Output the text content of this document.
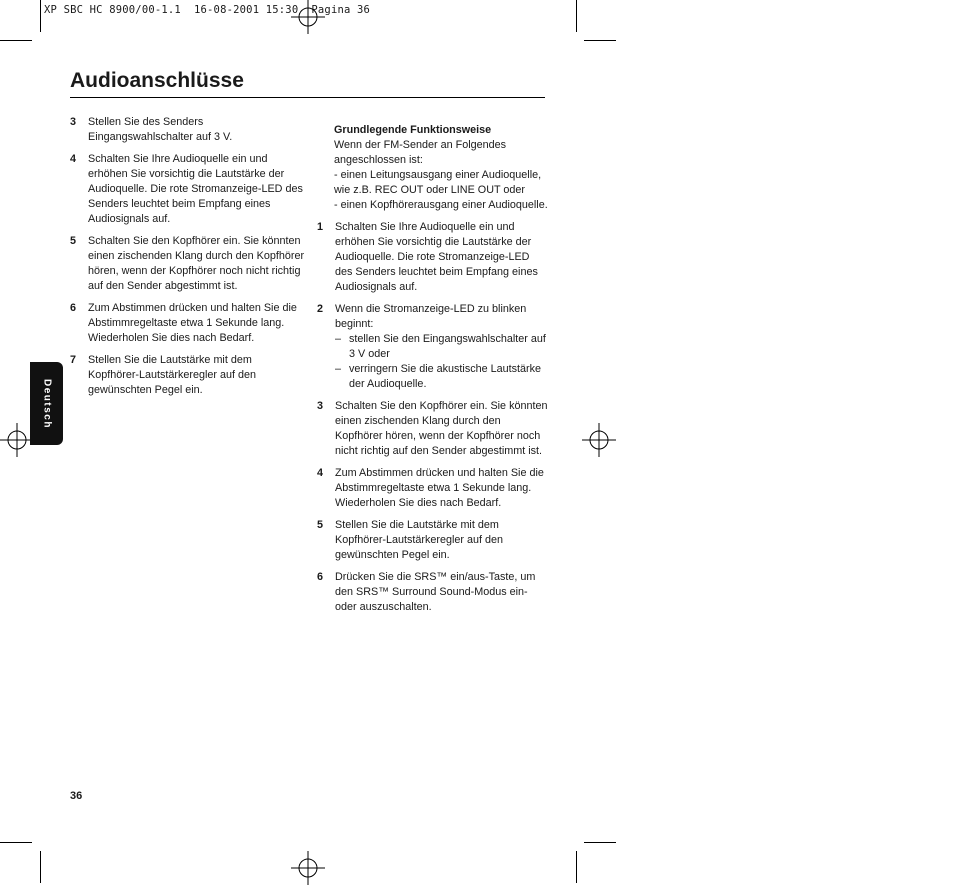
XP SBC HC 8900/00-1.1  16-08-2001 15:30  Pagina 36
Audioanschlüsse
Deutsch
3	Stellen Sie des Senders Eingangswahlschalter auf 3 V.
4	Schalten Sie Ihre Audioquelle ein und erhöhen Sie vorsichtig die Lautstärke der Audioquelle. Die rote Stromanzeige-LED des Senders leuchtet beim Empfang eines Audiosignals auf.
5	Schalten Sie den Kopfhörer ein. Sie könnten einen zischenden Klang durch den Kopfhörer hören, wenn der Kopfhörer noch nicht richtig auf den Sender abgestimmt ist.
6	Zum Abstimmen drücken und halten Sie die Abstimmregeltaste etwa 1 Sekunde lang. Wiederholen Sie dies nach Bedarf.
7	Stellen Sie die Lautstärke mit dem Kopfhörer-Lautstärkeregler auf den gewünschten Pegel ein.
Grundlegende Funktionsweise
Wenn der FM-Sender an Folgendes angeschlossen ist:
- einen Leitungsausgang einer Audioquelle, wie z.B. REC OUT oder LINE OUT oder
- einen Kopfhörerausgang einer Audioquelle.
1	Schalten Sie Ihre Audioquelle ein und erhöhen Sie vorsichtig die Lautstärke der Audioquelle. Die rote Stromanzeige-LED des Senders leuchtet beim Empfang eines Audiosignals auf.
2	Wenn die Stromanzeige-LED zu blinken beginnt:
– stellen Sie den Eingangswahlschalter auf 3 V oder
– verringern Sie die akustische Lautstärke der Audioquelle.
3	Schalten Sie den Kopfhörer ein. Sie könnten einen zischenden Klang durch den Kopfhörer hören, wenn der Kopfhörer noch nicht richtig auf den Sender abgestimmt ist.
4	Zum Abstimmen drücken und halten Sie die Abstimmregeltaste etwa 1 Sekunde lang. Wiederholen Sie dies nach Bedarf.
5	Stellen Sie die Lautstärke mit dem Kopfhörer-Lautstärkeregler auf den gewünschten Pegel ein.
6	Drücken Sie die SRS™ ein/aus-Taste, um den SRS™ Surround Sound-Modus ein- oder auszuschalten.
36
